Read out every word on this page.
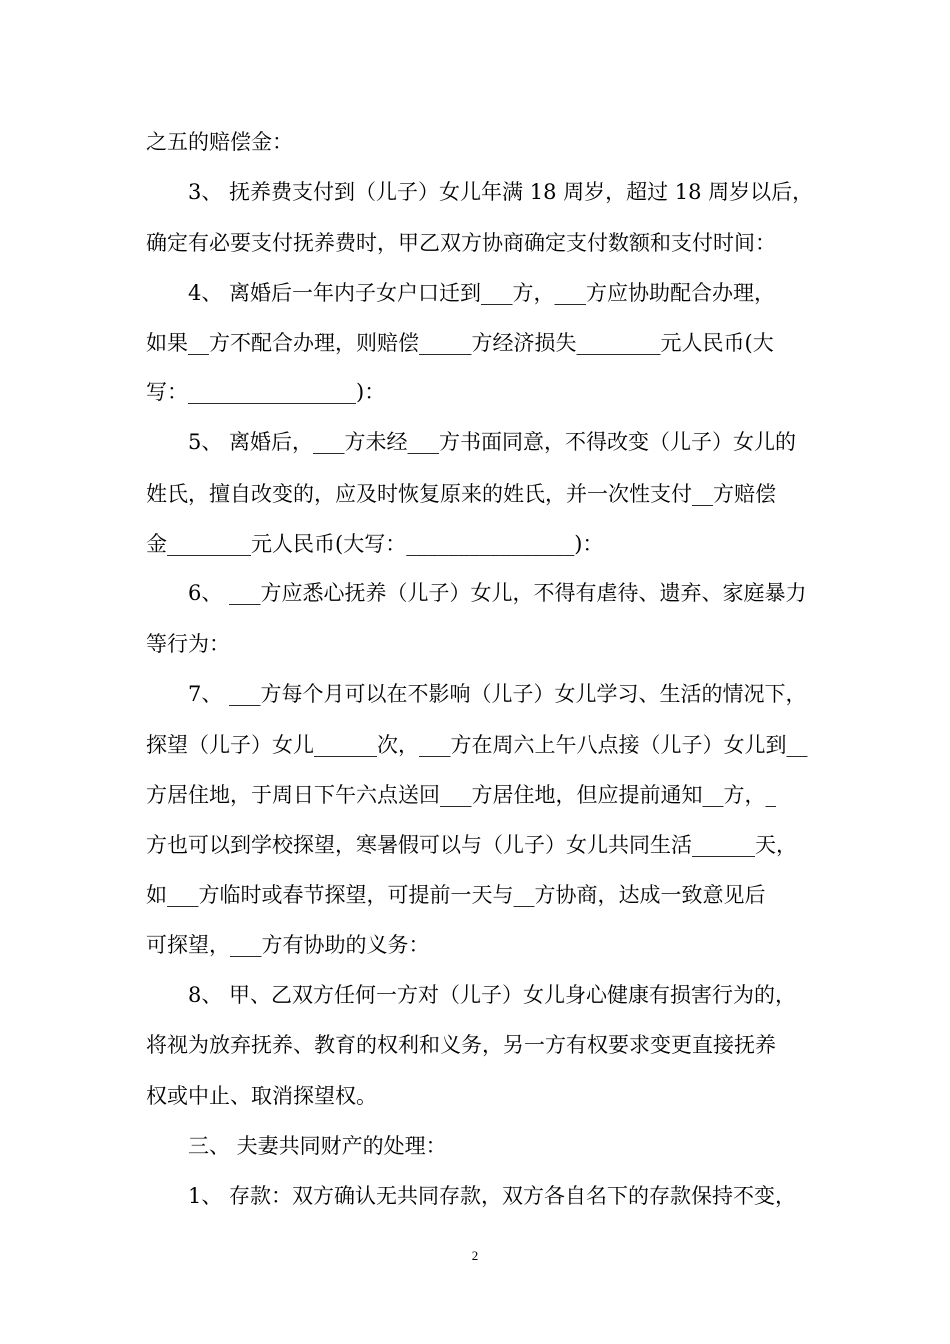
之五的赔偿金：
3、 抚养费支付到（儿子）女儿年满 18 周岁，超过 18 周岁以后，
确定有必要支付抚养费时，甲乙双方协商确定支付数额和支付时间：
4、 离婚后一年内子女户口迁到___方，___方应协助配合办理，
如果__方不配合办理，则赔偿_____方经济损失________元人民币(大
写：________________)：
5、 离婚后，___方未经___方书面同意，不得改变（儿子）女儿的
姓氏，擅自改变的，应及时恢复原来的姓氏，并一次性支付__方赔偿
金________元人民币(大写：________________)：
6、 ___方应悉心抚养（儿子）女儿，不得有虐待、遗弃、家庭暴力
等行为：
7、 ___方每个月可以在不影响（儿子）女儿学习、生活的情况下，
探望（儿子）女儿______次，___方在周六上午八点接（儿子）女儿到__
方居住地，于周日下午六点送回___方居住地，但应提前通知__方，_
方也可以到学校探望，寒暑假可以与（儿子）女儿共同生活______天，
如___方临时或春节探望，可提前一天与__方协商，达成一致意见后
可探望，___方有协助的义务：
8、 甲、乙双方任何一方对（儿子）女儿身心健康有损害行为的，
将视为放弃抚养、教育的权利和义务，另一方有权要求变更直接抚养
权或中止、取消探望权。
三、 夫妻共同财产的处理：
1、 存款：双方确认无共同存款，双方各自名下的存款保持不变，
2
